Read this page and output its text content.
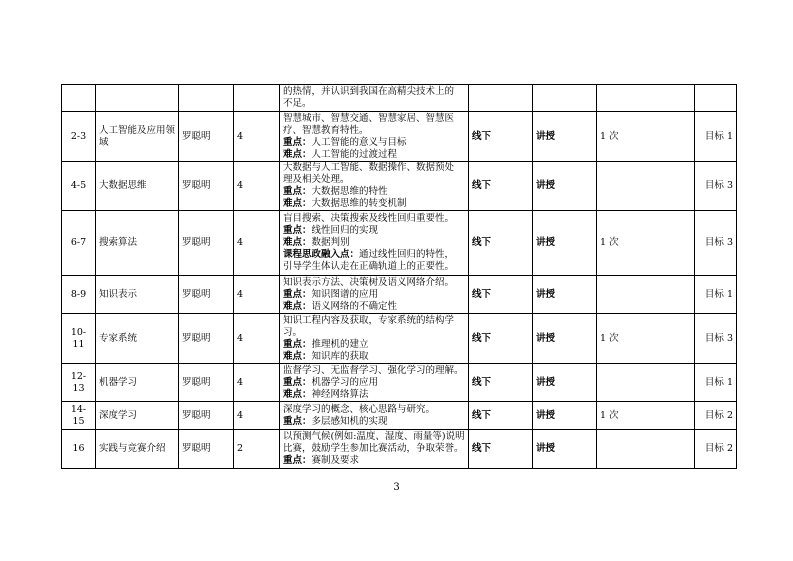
				的热情，并认识到我国在高精尖技术上的
不足。				

2-3	人工智能及应用领域	罗聪明	4	智慧城市、智慧交通、智慧家居、智慧医
疗、智慧教育特性。
重点：人工智能的意义与目标
难点：人工智能的过渡过程	线下	讲授	1 次	目标 1
4-5	大数据思维	罗聪明	4	大数据与人工智能、数据操作、数据预处
理及相关处理。
重点：大数据思维的特性
难点：大数据思维的转变机制	线下	讲授		目标 3
6-7	搜索算法	罗聪明	4	盲目搜索、决策搜索及线性回归重要性。
重点：线性回归的实现
难点：数据判别
课程思政融入点：通过线性回归的特性，
引导学生体认走在正确轨道上的正要性。	线下	讲授	1 次	目标 3
8-9	知识表示	罗聪明	4	知识表示方法、决策树及语义网络介绍。
重点：知识图谱的应用
难点：语义网络的不确定性	线下	讲授		目标 1
10-11	专家系统	罗聪明	4	知识工程内容及获取，专家系统的结构学
习。
重点：推理机的建立
难点：知识库的获取	线下	讲授	1 次	目标 3
12-13	机器学习	罗聪明	4	监督学习、无监督学习、强化学习的理解。
重点：机器学习的应用
难点：神经网络算法	线下	讲授		目标 1
14-15	深度学习	罗聪明	4	深度学习的概念、核心思路与研究。
重点：多层感知机的实现	线下	讲授	1 次	目标 2
16	实践与竞赛介绍	罗聪明	2	以预测气候(例如:温度、湿度、雨量等)说明
比赛，鼓励学生参加比赛活动，争取荣誉。
重点：赛制及要求	线下	讲授		目标 2
3
